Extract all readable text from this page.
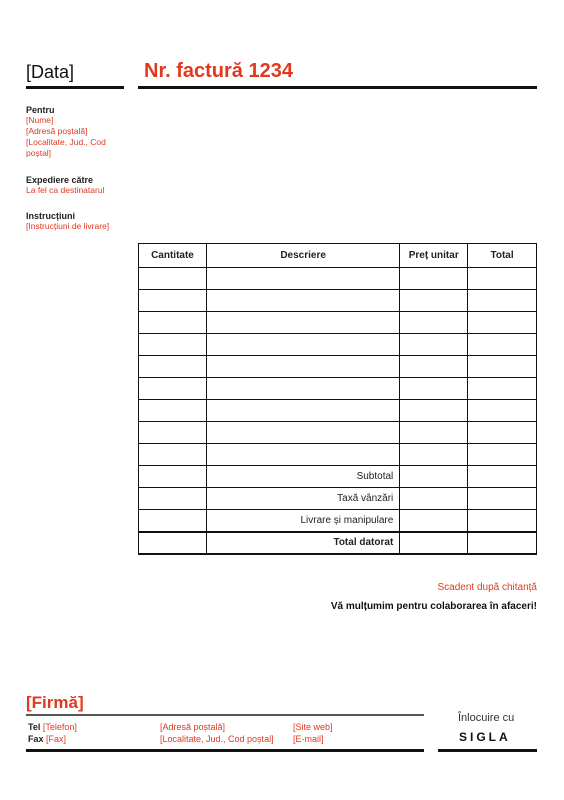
[Data]	Nr. factură 1234
Pentru
[Nume]
[Adresă poștală]
[Localitate, Jud., Cod
poștal]
Expediere către
La fel ca destinatarul
Instrucțiuni
[Instrucțiuni de livrare]
Cantitate	Descriere	Preț unitar	Total

	Subtotal		
	Taxă vânzări		
	Livrare și manipulare		
	Total datorat		
Scadent după chitanță
Vă mulțumim pentru colaborarea în afaceri!
[Firmă]
Tel [Telefon]
Fax [Fax]
[Adresă poștală]
[Localitate, Jud., Cod poștal]
[Site web]
[E-mail]
Înlocuire cu
SIGLA
